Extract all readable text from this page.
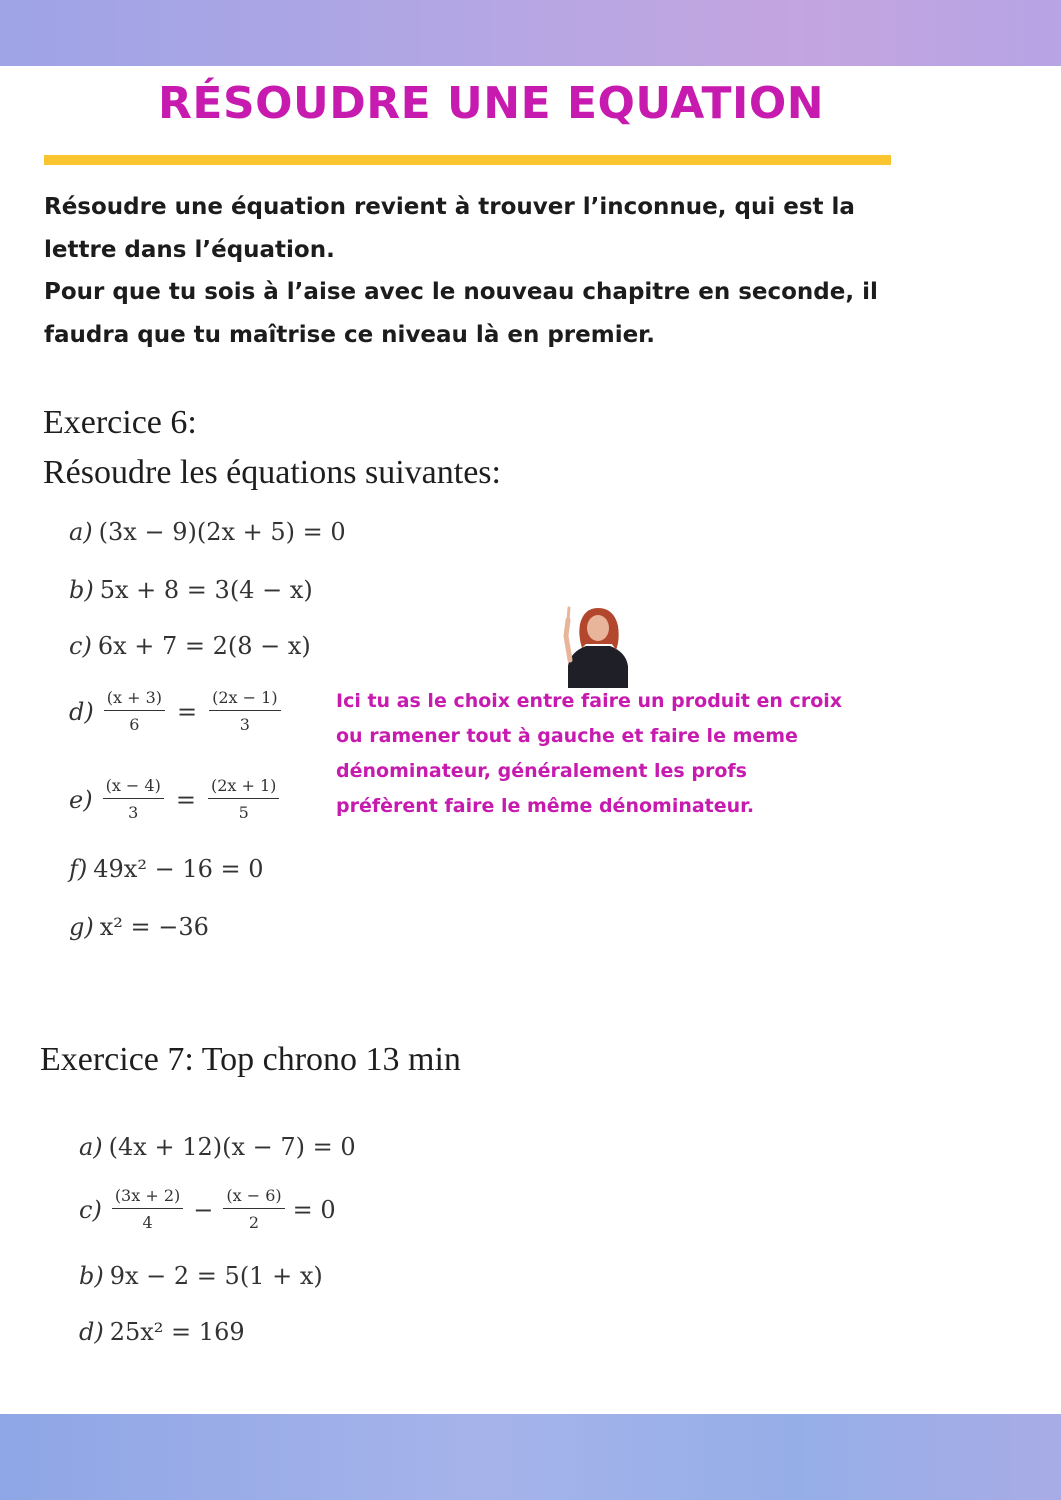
RÉSOUDRE UNE EQUATION

Résoudre une équation revient à trouver l’inconnue, qui est la
lettre dans l’équation.
Pour que tu sois à l’aise avec le nouveau chapitre en seconde, il
faudra que tu maîtrise ce niveau là en premier.

Exercice 6:

Résoudre les équations suivantes:

a) (3x − 9)(2x + 5) = 0
b) 5x + 8 = 3(4 − x)
c) 6x + 7 = 2(8 − x)
$d) \frac{(x + 3)}{6} = \frac{(2x - 1)}{3}$
$e) \frac{(x - 4)}{3} = \frac{(2x + 1)}{5}$
f) 49x² − 16 = 0
g) x² = −36

Ici tu as le choix entre faire un produit en croix
ou ramener tout à gauche et faire le meme
dénominateur, généralement les profs
préfèrent faire le même dénominateur.

Exercice 7: Top chrono 13 min
a) (4x + 12)(x − 7) = 0
$c) \frac{(3x + 2)}{4} - \frac{(x - 6)}{2} = 0$
b) 9x − 2 = 5(1 + x)
d) 25x² = 169
